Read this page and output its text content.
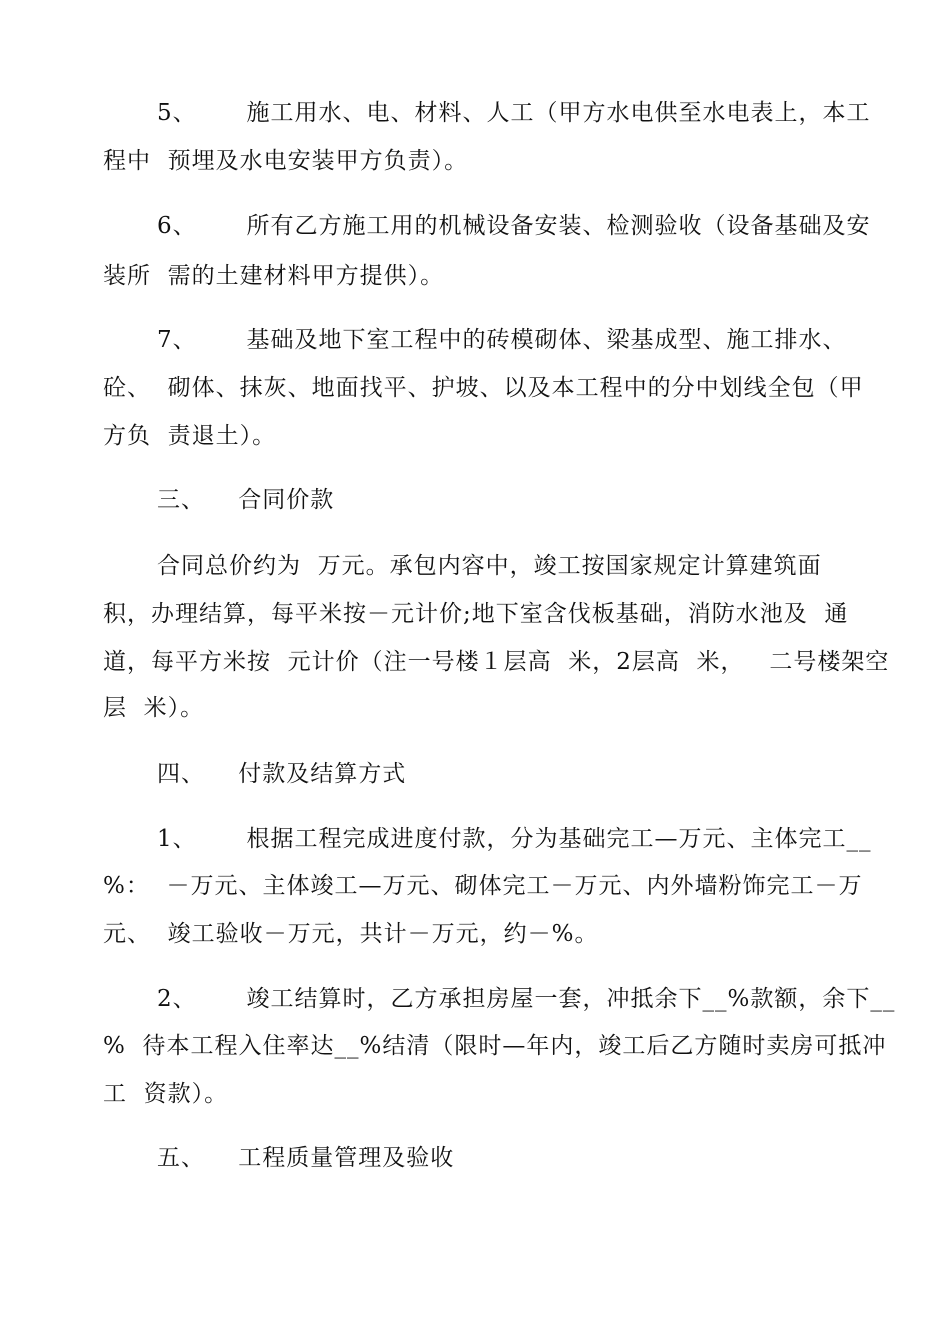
5、      施工用水、电、材料、人工（甲方水电供至水电表上，本工
程中  预埋及水电安装甲方负责）。
6、      所有乙方施工用的机械设备安装、检测验收（设备基础及安
装所  需的土建材料甲方提供）。
7、      基础及地下室工程中的砖模砌体、梁基成型、施工排水、
砼、  砌体、抹灰、地面找平、护坡、以及本工程中的分中划线全包（甲
方负  责退土）。
三、    合同价款
合同总价约为  万元。承包内容中，竣工按国家规定计算建筑面
积，办理结算，每平米按－元计价;地下室含伐板基础，消防水池及  通
道，每平方米按  元计价（注一号楼１层高  米，2层高  米，   二号楼架空
层  米）。
四、    付款及结算方式
1、      根据工程完成进度付款，分为基础完工—万元、主体完工__
%：  －万元、主体竣工—万元、砌体完工－万元、内外墙粉饰完工－万
元、  竣工验收－万元，共计－万元，约－%。
2、      竣工结算时，乙方承担房屋一套，冲抵余下__%款额，余下__
%  待本工程入住率达__%结清（限时—年内，竣工后乙方随时卖房可抵冲
工  资款）。
五、    工程质量管理及验收
